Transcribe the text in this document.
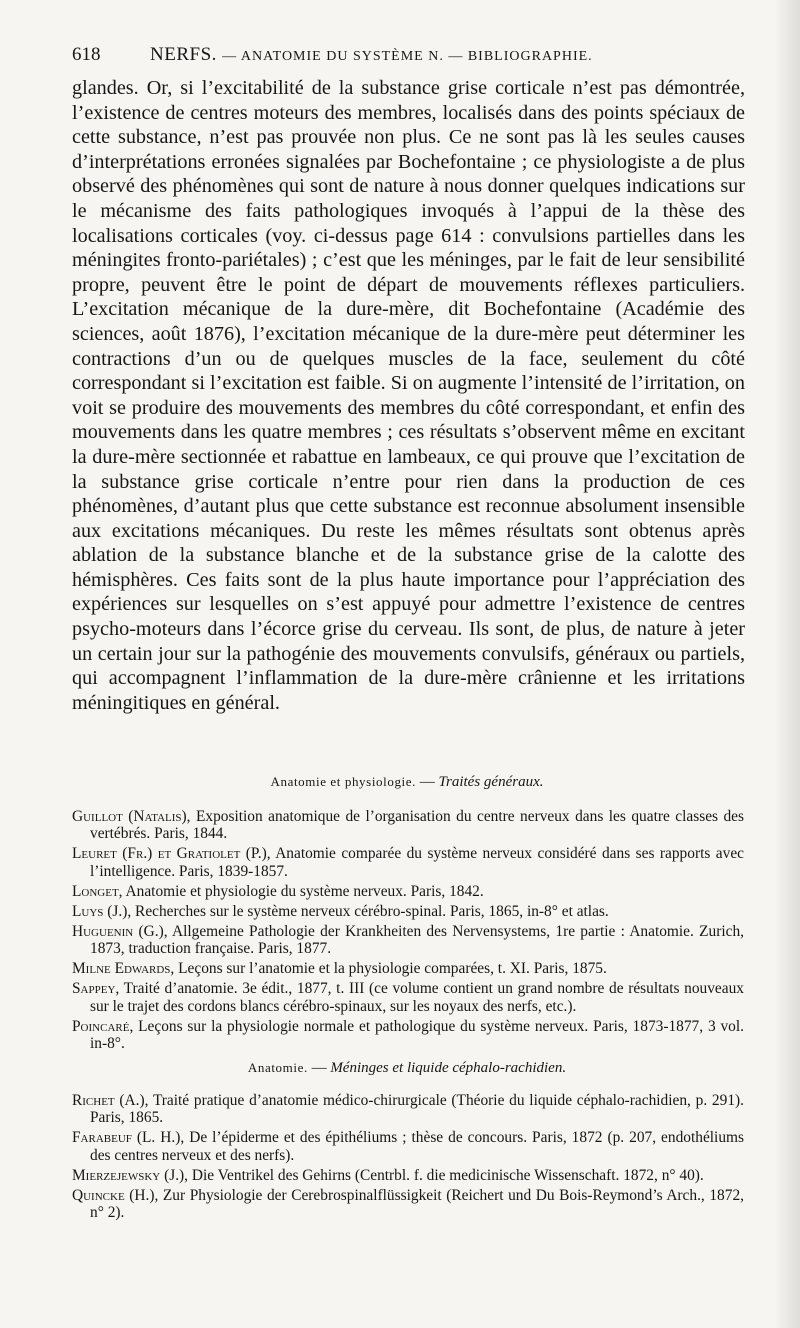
618	NERFS. — ANATOMIE DU SYSTÈME N. — BIBLIOGRAPHIE.

glandes. Or, si l’excitabilité de la substance grise corticale n’est pas démontrée, l’existence de centres moteurs des membres, localisés dans des points spéciaux de cette substance, n’est pas prouvée non plus. Ce ne sont pas là les seules causes d’interprétations erronées signalées par Bochefontaine ; ce physiologiste a de plus observé des phénomènes qui sont de nature à nous donner quelques indications sur le mécanisme des faits pathologiques invoqués à l’appui de la thèse des localisations corticales (voy. ci-dessus page 614 : convulsions partielles dans les méningites fronto-pariétales) ; c’est que les méninges, par le fait de leur sensibilité propre, peuvent être le point de départ de mouvements réflexes particuliers. L’excitation mécanique de la dure-mère, dit Bochefontaine (Académie des sciences, août 1876), l’excitation mécanique de la dure-mère peut déterminer les contractions d’un ou de quelques muscles de la face, seulement du côté correspondant si l’excitation est faible. Si on augmente l’intensité de l’irritation, on voit se produire des mouvements des membres du côté correspondant, et enfin des mouvements dans les quatre membres ; ces résultats s’observent même en excitant la dure-mère sectionnée et rabattue en lambeaux, ce qui prouve que l’excitation de la substance grise corticale n’entre pour rien dans la production de ces phénomènes, d’autant plus que cette substance est reconnue absolument insensible aux excitations mécaniques. Du reste les mêmes résultats sont obtenus après ablation de la substance blanche et de la substance grise de la calotte des hémisphères. Ces faits sont de la plus haute importance pour l’appréciation des expériences sur lesquelles on s’est appuyé pour admettre l’existence de centres psycho-moteurs dans l’écorce grise du cerveau. Ils sont, de plus, de nature à jeter un certain jour sur la pathogénie des mouvements convulsifs, généraux ou partiels, qui accompagnent l’inflammation de la dure-mère crânienne et les irritations méningitiques en général.

Anatomie et physiologie. — Traités généraux.

Guillot (Natalis), Exposition anatomique de l’organisation du centre nerveux dans les quatre classes des vertébrés. Paris, 1844.

Leuret (Fr.) et Gratiolet (P.), Anatomie comparée du système nerveux considéré dans ses rapports avec l’intelligence. Paris, 1839-1857.

Longet, Anatomie et physiologie du système nerveux. Paris, 1842.

Luys (J.), Recherches sur le système nerveux cérébro-spinal. Paris, 1865, in-8° et atlas.

Huguenin (G.), Allgemeine Pathologie der Krankheiten des Nervensystems, 1re partie : Anatomie. Zurich, 1873, traduction française. Paris, 1877.

Milne Edwards, Leçons sur l’anatomie et la physiologie comparées, t. XI. Paris, 1875.

Sappey, Traité d’anatomie. 3e édit., 1877, t. III (ce volume contient un grand nombre de résultats nouveaux sur le trajet des cordons blancs cérébro-spinaux, sur les noyaux des nerfs, etc.).

Poincaré, Leçons sur la physiologie normale et pathologique du système nerveux. Paris, 1873-1877, 3 vol. in-8°.

Anatomie. — Méninges et liquide céphalo-rachidien.

Richet (A.), Traité pratique d’anatomie médico-chirurgicale (Théorie du liquide céphalo-rachidien, p. 291). Paris, 1865.

Farabeuf (L. H.), De l’épiderme et des épithéliums ; thèse de concours. Paris, 1872 (p. 207, endothéliums des centres nerveux et des nerfs).

Mierzejewsky (J.), Die Ventrikel des Gehirns (Centrbl. f. die medicinische Wissenschaft. 1872, n° 40).

Quincke (H.), Zur Physiologie der Cerebrospinalflüssigkeit (Reichert und Du Bois-Reymond’s Arch., 1872, n° 2).
